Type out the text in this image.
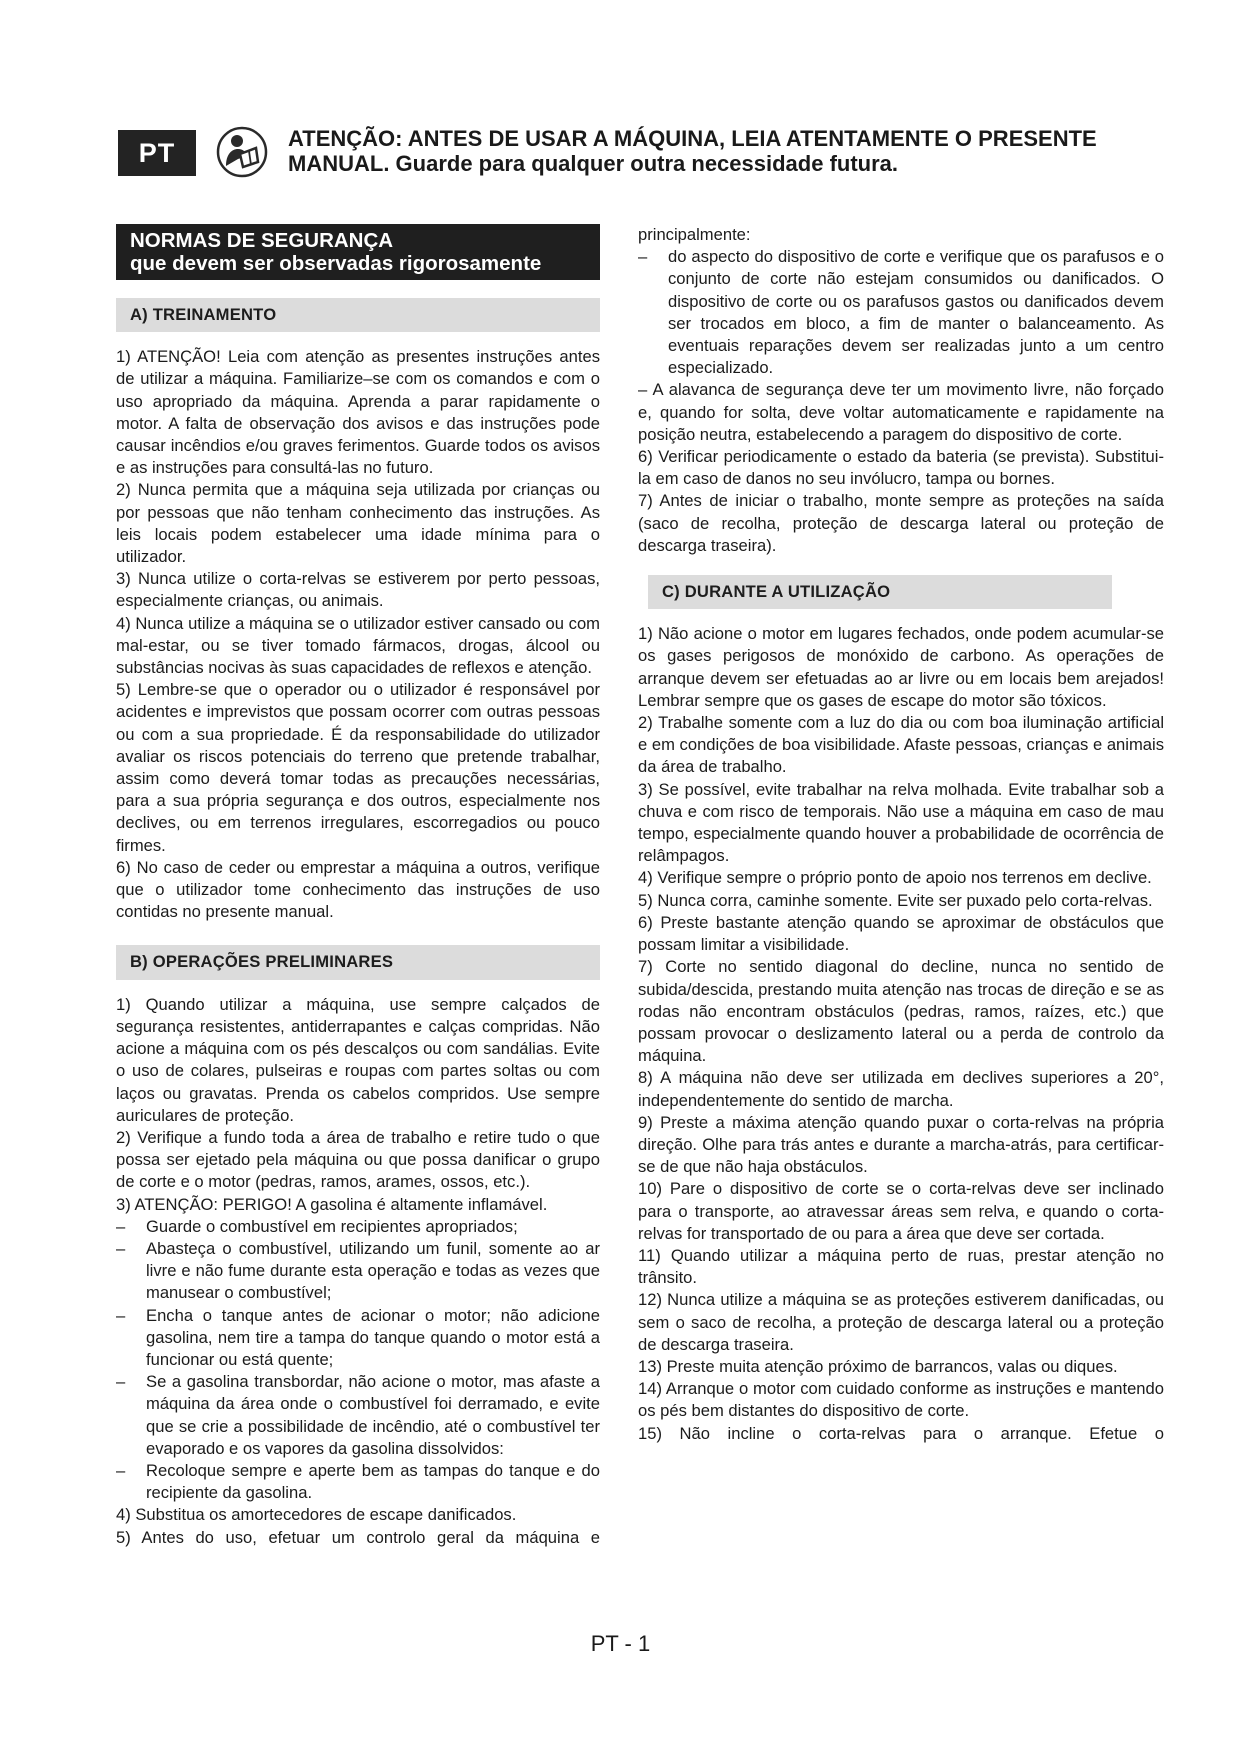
PT	ATENÇÃO: ANTES DE USAR A MÁQUINA, LEIA ATENTAMENTE O PRESENTE
MANUAL. Guarde para qualquer outra necessidade futura.
NORMAS DE SEGURANÇA
que devem ser observadas rigorosamente
A) TREINAMENTO

1) ATENÇÃO! Leia com atenção as presentes instruções antes de utilizar a máquina. Familiarize–se com os comandos e com o uso apropriado da máquina. Aprenda a parar rapidamente o motor. A falta de observação dos avisos e das instruções pode causar incêndios e/ou graves ferimentos. Guarde todos os avisos e as instruções para consultá-las no futuro.

2) Nunca permita que a máquina seja utilizada por crianças ou por pessoas que não tenham conhecimento das instruções. As leis locais podem estabelecer uma idade mínima para o utilizador.

3) Nunca utilize o corta-relvas se estiverem por perto pessoas, especialmente crianças, ou animais.

4) Nunca utilize a máquina se o utilizador estiver cansado ou com mal-estar, ou se tiver tomado fármacos, drogas, álcool ou substâncias nocivas às suas capacidades de reflexos e atenção.

5) Lembre-se que o operador ou o utilizador é responsável por acidentes e imprevistos que possam ocorrer com outras pessoas ou com a sua propriedade. É da responsabilidade do utilizador avaliar os riscos potenciais do terreno que pretende trabalhar, assim como deverá tomar todas as precauções necessárias, para a sua própria segurança e dos outros, especialmente nos declives, ou em terrenos irregulares, escorregadios ou pouco firmes.

6) No caso de ceder ou emprestar a máquina a outros, verifique que o utilizador tome conhecimento das instruções de uso contidas no presente manual.

B) OPERAÇÕES PRELIMINARES

1) Quando utilizar a máquina, use sempre calçados de segurança resistentes, antiderrapantes e calças compridas. Não acione a máquina com os pés descalços ou com sandálias. Evite o uso de colares, pulseiras e roupas com partes soltas ou com laços ou gravatas. Prenda os cabelos compridos. Use sempre auriculares de proteção.

2) Verifique a fundo toda a área de trabalho e retire tudo o que possa ser ejetado pela máquina ou que possa danificar o grupo de corte e o motor (pedras, ramos, arames, ossos, etc.).

3) ATENÇÃO: PERIGO! A gasolina é altamente inflamável.

–	Guarde o combustível em recipientes apropriados;
–	Abasteça o combustível, utilizando um funil, somente ao ar livre e não fume durante esta operação e todas as vezes que manusear o combustível;
–	Encha o tanque antes de acionar o motor; não adicione gasolina, nem tire a tampa do tanque quando o motor está a funcionar ou está quente;
–	Se a gasolina transbordar, não acione o motor, mas afaste a máquina da área onde o combustível foi derramado, e evite que se crie a possibilidade de incêndio, até o combustível ter evaporado e os vapores da gasolina dissolvidos:
–	Recoloque sempre e aperte bem as tampas do tanque e do recipiente da gasolina.

4) Substitua os amortecedores de escape danificados.

5) Antes do uso, efetuar um controlo geral da máquina e

principalmente:

–	do aspecto do dispositivo de corte e verifique que os parafusos e o conjunto de corte não estejam consumidos ou danificados. O dispositivo de corte ou os parafusos gastos ou danificados devem ser trocados em bloco, a fim de manter o balanceamento. As eventuais reparações devem ser realizadas junto a um centro especializado.

– A alavanca de segurança deve ter um movimento livre, não forçado e, quando for solta, deve voltar automaticamente e rapidamente na posição neutra, estabelecendo a paragem do dispositivo de corte.

6) Verificar periodicamente o estado da bateria (se prevista). Substitui-la em caso de danos no seu invólucro, tampa ou bornes.

7) Antes de iniciar o trabalho, monte sempre as proteções na saída (saco de recolha, proteção de descarga lateral ou proteção de descarga traseira).

C) DURANTE A UTILIZAÇÃO

1) Não acione o motor em lugares fechados, onde podem acumular-se os gases perigosos de monóxido de carbono. As operações de arranque devem ser efetuadas ao ar livre ou em locais bem arejados! Lembrar sempre que os gases de escape do motor são tóxicos.

2) Trabalhe somente com a luz do dia ou com boa iluminação artificial e em condições de boa visibilidade. Afaste pessoas, crianças e animais da área de trabalho.

3) Se possível, evite trabalhar na relva molhada. Evite trabalhar sob a chuva e com risco de temporais. Não use a máquina em caso de mau tempo, especialmente quando houver a probabilidade de ocorrência de relâmpagos.

4) Verifique sempre o próprio ponto de apoio nos terrenos em declive.

5) Nunca corra, caminhe somente. Evite ser puxado pelo corta-relvas.

6) Preste bastante atenção quando se aproximar de obstáculos que possam limitar a visibilidade.

7) Corte no sentido diagonal do decline, nunca no sentido de subida/descida, prestando muita atenção nas trocas de direção e se as rodas não encontram obstáculos (pedras, ramos, raízes, etc.) que possam provocar o deslizamento lateral ou a perda de controlo da máquina.

8) A máquina não deve ser utilizada em declives superiores a 20°, independentemente do sentido de marcha.

9) Preste a máxima atenção quando puxar o corta-relvas na própria direção. Olhe para trás antes e durante a marcha-atrás, para certificar-se de que não haja obstáculos.

10) Pare o dispositivo de corte se o corta-relvas deve ser inclinado para o transporte, ao atravessar áreas sem relva, e quando o corta-relvas for transportado de ou para a área que deve ser cortada.

11) Quando utilizar a máquina perto de ruas, prestar atenção no trânsito.

12) Nunca utilize a máquina se as proteções estiverem danificadas, ou sem o saco de recolha, a proteção de descarga lateral ou a proteção de descarga traseira.

13) Preste muita atenção próximo de barrancos, valas ou diques.

14) Arranque o motor com cuidado conforme as instruções e mantendo os pés bem distantes do dispositivo de corte.

15) Não incline o corta-relvas para o arranque. Efetue o

PT - 1
